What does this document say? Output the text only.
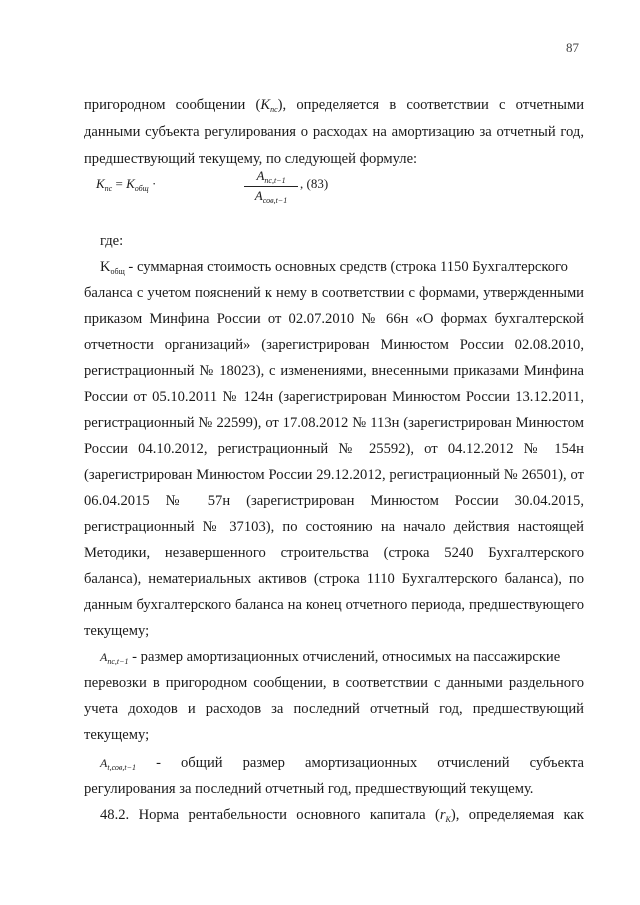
87
пригородном сообщении $(K_{пс})$, определяется в соответствии с отчетными
данными субъекта регулирования о расходах на амортизацию за отчетный год,
предшествующий текущему, по следующей формуле:
$K_{пс} = K_{общ}$ ·
$A_{пс,t-1}$
$A_{сов,t-1}$
, (83)
где:
$K_{общ}$ - суммарная стоимость основных средств (строка 1150 Бухгалтерского
баланса с учетом пояснений к нему в соответствии с формами, утвержденными
приказом Минфина России от 02.07.2010 № 66н «О формах бухгалтерской
отчетности организаций» (зарегистрирован Минюстом России 02.08.2010,
регистрационный № 18023), с изменениями, внесенными приказами Минфина
России от 05.10.2011 № 124н (зарегистрирован Минюстом России 13.12.2011,
регистрационный № 22599), от 17.08.2012 № 113н (зарегистрирован Минюстом
России 04.10.2012, регистрационный № 25592), от 04.12.2012 № 154н
(зарегистрирован Минюстом России 29.12.2012, регистрационный № 26501), от
06.04.2015 № 57н (зарегистрирован Минюстом России 30.04.2015,
регистрационный № 37103), по состоянию на начало действия настоящей
Методики, незавершенного строительства (строка 5240 Бухгалтерского
баланса), нематериальных активов (строка 1110 Бухгалтерского баланса), по
данным бухгалтерского баланса на конец отчетного периода, предшествующего
текущему;
$A_{пс,t-1}$ - размер амортизационных отчислений, относимых на пассажирские
перевозки в пригородном сообщении, в соответствии с данными раздельного
учета доходов и расходов за последний отчетный год, предшествующий
текущему;
$A_{t,сов,t-1}$ - общий размер амортизационных отчислений субъекта
регулирования за последний отчетный год, предшествующий текущему.
48.2. Норма рентабельности основного капитала $(r_K)$, определяемая как
